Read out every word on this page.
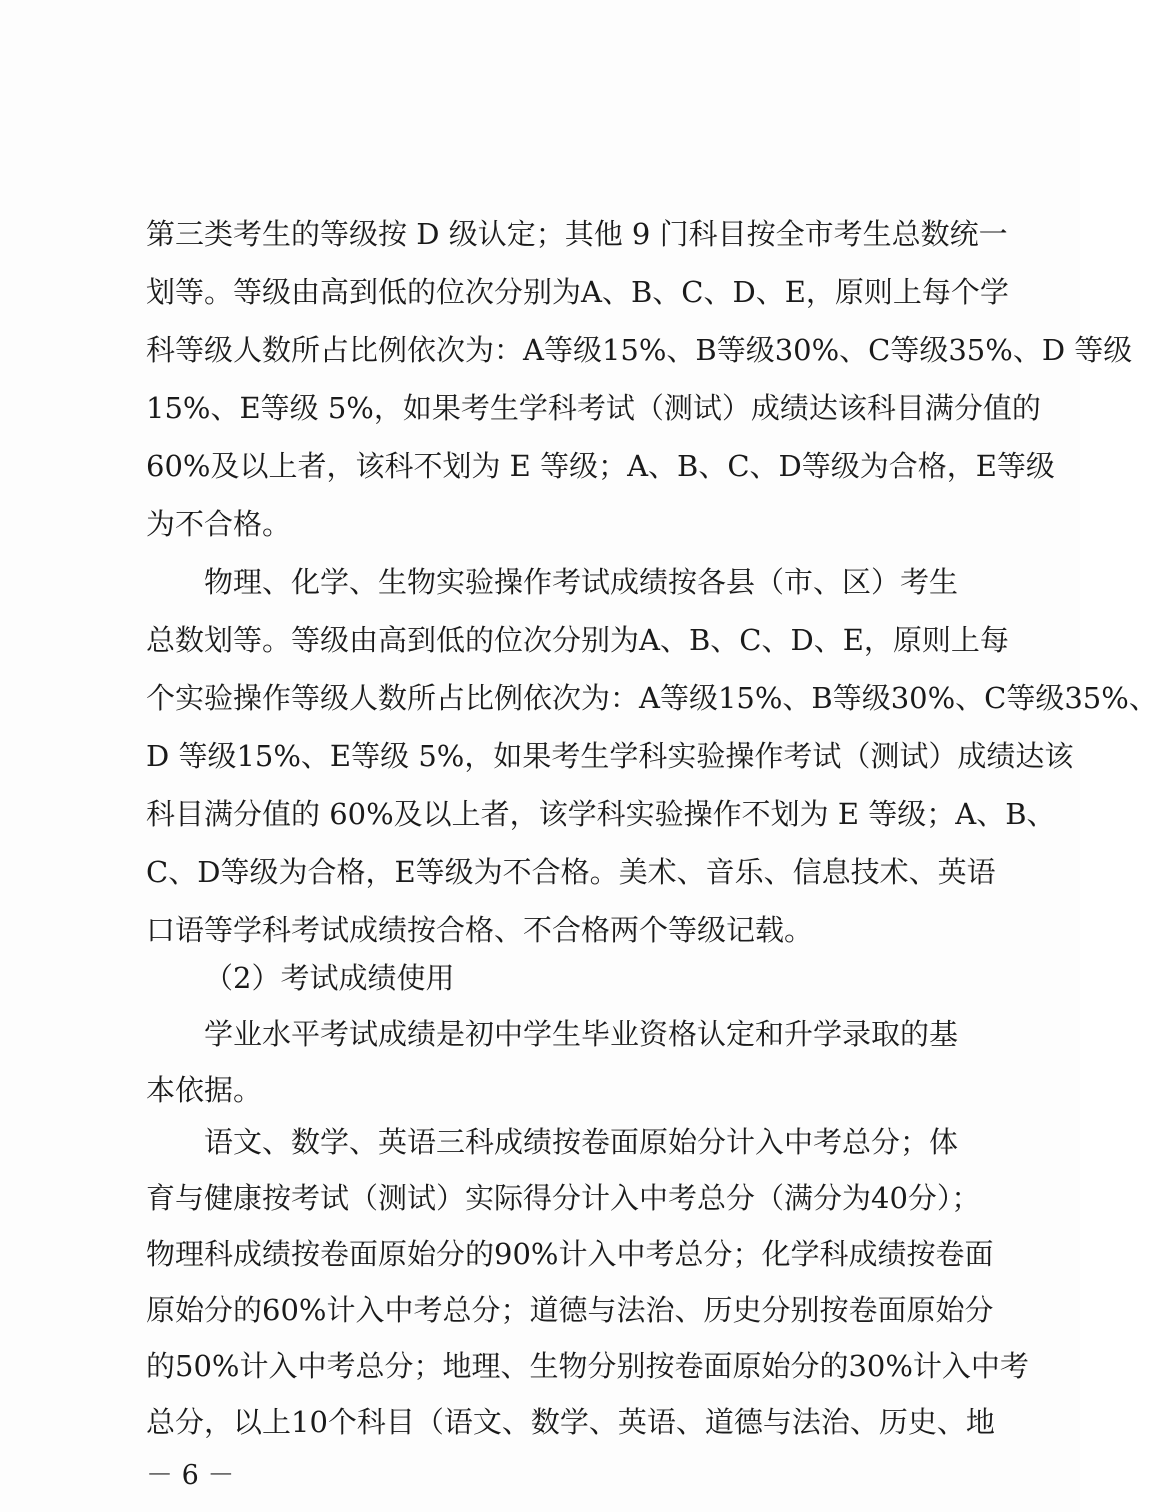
第三类考生的等级按 D 级认定；其他 9 门科目按全市考生总数统一
划等。等级由高到低的位次分别为A、B、C、D、E，原则上每个学
科等级人数所占比例依次为：A等级15%、B等级30%、C等级35%、D 等级
15%、E等级 5%，如果考生学科考试（测试）成绩达该科目满分值的
60%及以上者，该科不划为 E 等级；A、B、C、D等级为合格，E等级
为不合格。
物理、化学、生物实验操作考试成绩按各县（市、区）考生
总数划等。等级由高到低的位次分别为A、B、C、D、E，原则上每
个实验操作等级人数所占比例依次为：A等级15%、B等级30%、C等级35%、
D 等级15%、E等级 5%，如果考生学科实验操作考试（测试）成绩达该
科目满分值的 60%及以上者，该学科实验操作不划为 E 等级；A、B、
C、D等级为合格，E等级为不合格。美术、音乐、信息技术、英语
口语等学科考试成绩按合格、不合格两个等级记载。
（2）考试成绩使用
学业水平考试成绩是初中学生毕业资格认定和升学录取的基
本依据。
语文、数学、英语三科成绩按卷面原始分计入中考总分；体
育与健康按考试（测试）实际得分计入中考总分（满分为40分）；
物理科成绩按卷面原始分的90%计入中考总分；化学科成绩按卷面
原始分的60%计入中考总分；道德与法治、历史分别按卷面原始分
的50%计入中考总分；地理、生物分别按卷面原始分的30%计入中考
－ 6 －
总分，以上10个科目（语文、数学、英语、道德与法治、历史、地
